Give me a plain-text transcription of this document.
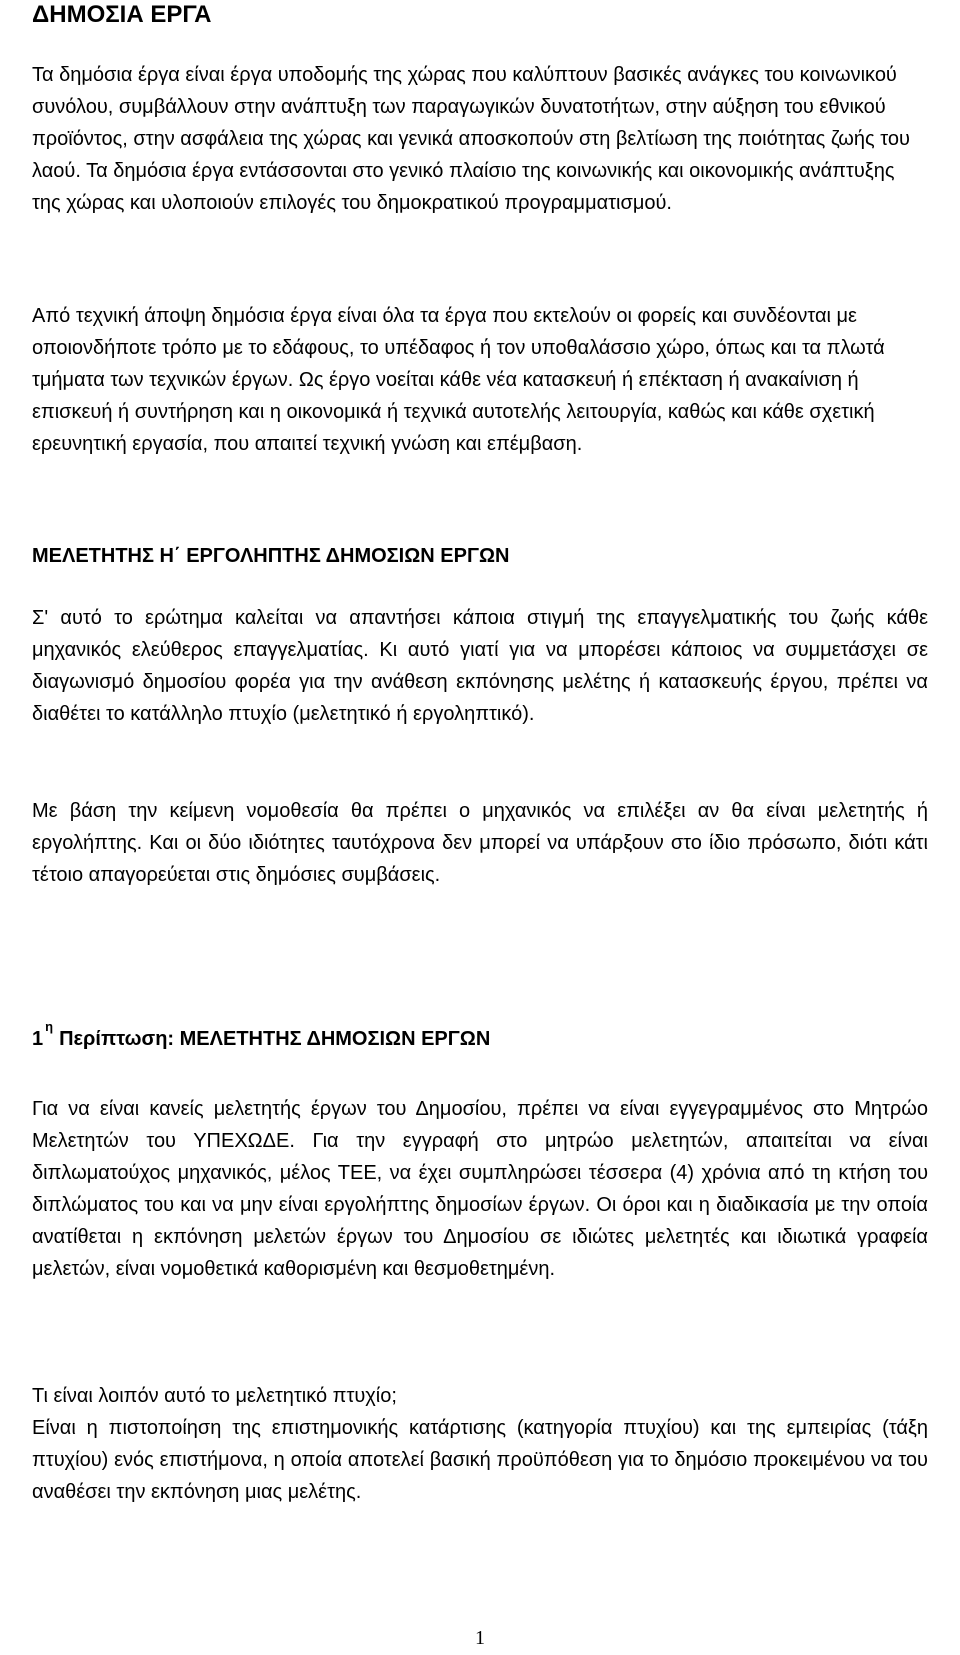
ΔΗΜΟΣΙΑ ΕΡΓΑ

Τα δημόσια έργα είναι έργα υποδομής της χώρας που καλύπτουν βασικές ανάγκες του κοινωνικού συνόλου, συμβάλλουν στην ανάπτυξη των παραγωγικών δυνατοτήτων, στην αύξηση του εθνικού προϊόντος, στην ασφάλεια της χώρας και γενικά αποσκοπούν στη βελτίωση της ποιότητας ζωής του λαού. Τα δημόσια έργα εντάσσονται στο γενικό πλαίσιο της κοινωνικής και οικονομικής ανάπτυξης της χώρας και υλοποιούν επιλογές του δημοκρατικού προγραμματισμού.

Από τεχνική άποψη δημόσια έργα είναι όλα τα έργα που εκτελούν οι φορείς και συνδέονται με οποιονδήποτε τρόπο με το εδάφους, το υπέδαφος ή τον υποθαλάσσιο χώρο, όπως και τα πλωτά τμήματα των τεχνικών έργων. Ως έργο νοείται κάθε νέα κατασκευή ή επέκταση ή ανακαίνιση ή επισκευή ή συντήρηση και η οικονομικά ή τεχνικά αυτοτελής λειτουργία, καθώς και κάθε σχετική ερευνητική εργασία, που απαιτεί τεχνική γνώση και επέμβαση.

ΜΕΛΕΤΗΤΗΣ Η΄ ΕΡΓΟΛΗΠΤΗΣ ΔΗΜΟΣΙΩΝ ΕΡΓΩΝ

Σ' αυτό το ερώτημα καλείται να απαντήσει κάποια στιγμή της επαγγελματικής του ζωής κάθε μηχανικός ελεύθερος επαγγελματίας. Κι αυτό γιατί για να μπορέσει κάποιος να συμμετάσχει σε διαγωνισμό δημοσίου φορέα για την ανάθεση εκπόνησης μελέτης ή κατασκευής έργου, πρέπει να διαθέτει το κατάλληλο πτυχίο (μελετητικό ή εργοληπτικό).

Με βάση την κείμενη νομοθεσία θα πρέπει ο μηχανικός να επιλέξει αν θα είναι μελετητής ή εργολήπτης. Και οι δύο ιδιότητες ταυτόχρονα δεν μπορεί να υπάρξουν στο ίδιο πρόσωπο, διότι κάτι τέτοιο απαγορεύεται στις δημόσιες συμβάσεις.

$1^\eta\Pi\varepsilon\rho ί\pi\tau\omega\sigma\eta$: ΜΕΛΕΤΗΤΗΣ ΔΗΜΟΣΙΩΝ ΕΡΓΩΝ

Για να είναι κανείς μελετητής έργων του Δημοσίου, πρέπει να είναι εγγεγραμμένος στο Μητρώο Μελετητών του ΥΠΕΧΩΔΕ. Για την εγγραφή στο μητρώο μελετητών, απαιτείται να είναι διπλωματούχος μηχανικός, μέλος ΤΕΕ, να έχει συμπληρώσει τέσσερα (4) χρόνια από τη κτήση του διπλώματος του και να μην είναι εργολήπτης δημοσίων έργων. Οι όροι και η διαδικασία με την οποία ανατίθεται η εκπόνηση μελετών έργων του Δημοσίου σε ιδιώτες μελετητές και ιδιωτικά γραφεία μελετών, είναι νομοθετικά καθορισμένη και θεσμοθετημένη.

Τι είναι λοιπόν αυτό το μελετητικό πτυχίο;
Είναι η πιστοποίηση της επιστημονικής κατάρτισης (κατηγορία πτυχίου) και της εμπειρίας (τάξη πτυχίου) ενός επιστήμονα, η οποία αποτελεί βασική προϋπόθεση για το δημόσιο προκειμένου να του αναθέσει την εκπόνηση μιας μελέτης.
1
